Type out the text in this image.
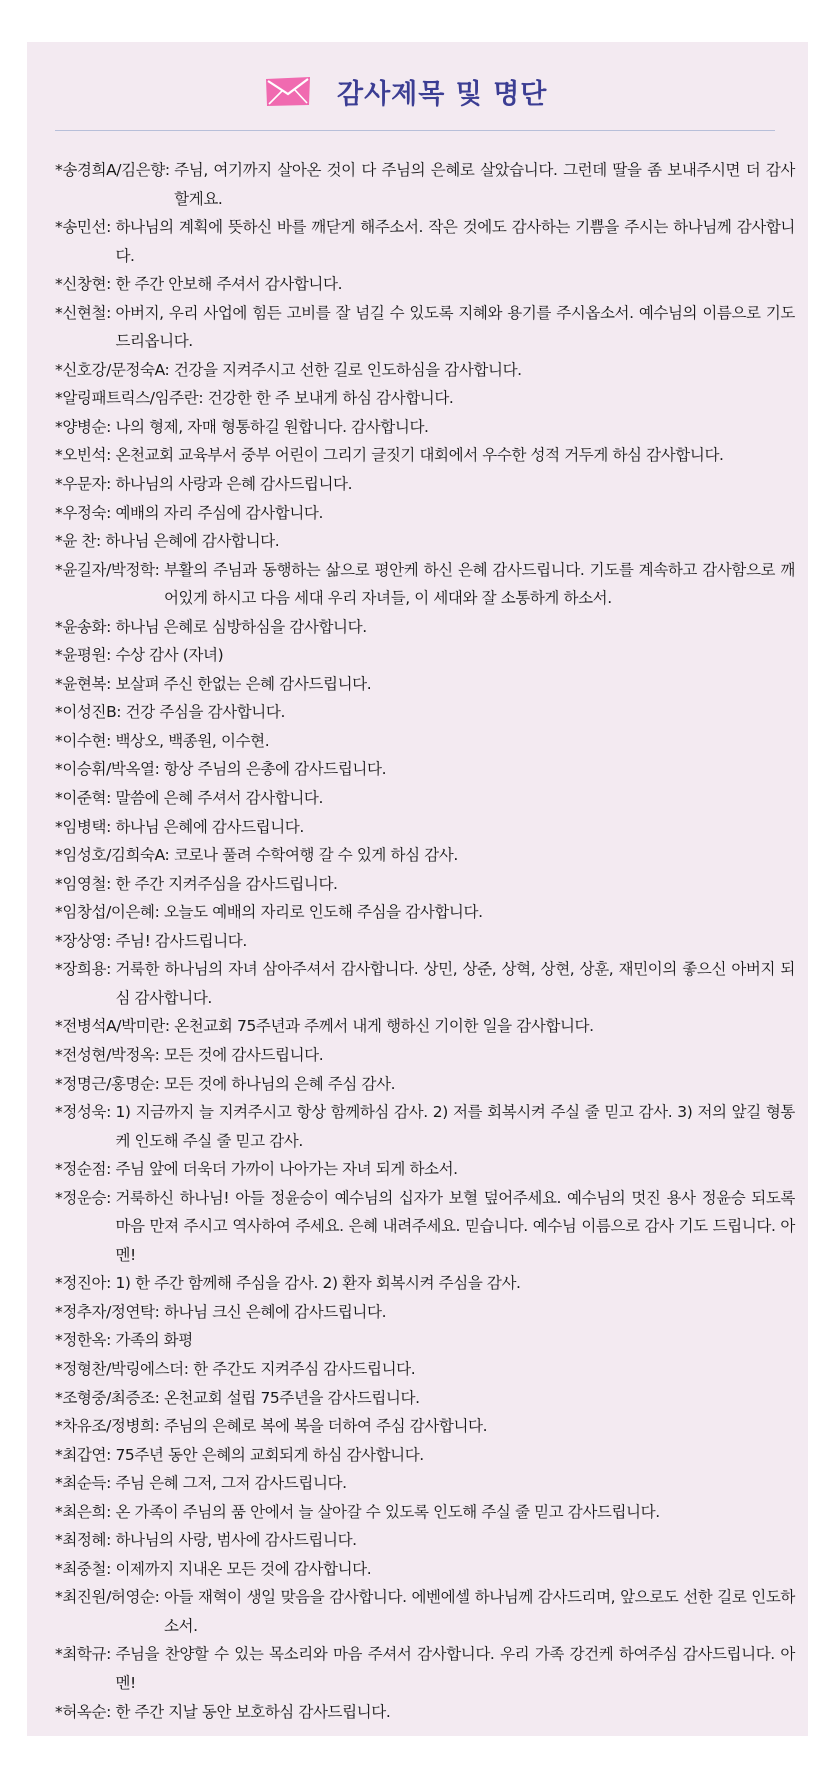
감사제목 및 명단
*송경희A/김은향:
주님, 여기까지 살아온 것이 다 주님의 은혜로 살았습니다. 그런데 딸을 좀 보내주시면 더 감사할게요.
*송민선:
하나님의 계획에 뜻하신 바를 깨닫게 해주소서. 작은 것에도 감사하는 기쁨을 주시는 하나님께 감사합니다.
*신창현:
한 주간 안보해 주셔서 감사합니다.
*신현철:
아버지, 우리 사업에 힘든 고비를 잘 넘길 수 있도록 지혜와 용기를 주시옵소서. 예수님의 이름으로 기도드리옵니다.
*신호강/문정숙A:
건강을 지켜주시고 선한 길로 인도하심을 감사합니다.
*알링패트릭스/임주란:
건강한 한 주 보내게 하심 감사합니다.
*양병순:
나의 형제, 자매 형통하길 원합니다. 감사합니다.
*오빈석:
온천교회 교육부서 중부 어린이 그리기 글짓기 대회에서 우수한 성적 거두게 하심 감사합니다.
*우문자:
하나님의 사랑과 은혜 감사드립니다.
*우정숙:
예배의 자리 주심에 감사합니다.
*윤 찬:
하나님 은혜에 감사합니다.
*윤길자/박정학:
부활의 주님과 동행하는 삶으로 평안케 하신 은혜 감사드립니다. 기도를 계속하고 감사함으로 깨어있게 하시고 다음 세대 우리 자녀들, 이 세대와 잘 소통하게 하소서.
*윤송화:
하나님 은혜로 심방하심을 감사합니다.
*윤평원:
수상 감사 (자녀)
*윤현복:
보살펴 주신 한없는 은혜 감사드립니다.
*이성진B:
건강 주심을 감사합니다.
*이수현:
백상오, 백종원, 이수현.
*이승휘/박옥열:
항상 주님의 은총에 감사드립니다.
*이준혁:
말씀에 은혜 주셔서 감사합니다.
*임병택:
하나님 은혜에 감사드립니다.
*임성호/김희숙A:
코로나 풀려 수학여행 갈 수 있게 하심 감사.
*임영철:
한 주간 지켜주심을 감사드립니다.
*임창섭/이은혜:
오늘도 예배의 자리로 인도해 주심을 감사합니다.
*장상영:
주님! 감사드립니다.
*장희용:
거룩한 하나님의 자녀 삼아주셔서 감사합니다. 상민, 상준, 상혁, 상현, 상훈, 재민이의 좋으신 아버지 되심 감사합니다.
*전병석A/박미란:
온천교회 75주년과 주께서 내게 행하신 기이한 일을 감사합니다.
*전성현/박정옥:
모든 것에 감사드립니다.
*정명근/홍명순:
모든 것에 하나님의 은혜 주심 감사.
*정성욱:
1) 지금까지 늘 지켜주시고 항상 함께하심 감사. 2) 저를 회복시켜 주실 줄 믿고 감사. 3) 저의 앞길 형통케 인도해 주실 줄 믿고 감사.
*정순점:
주님 앞에 더욱더 가까이 나아가는 자녀 되게 하소서.
*정운승:
거룩하신 하나님! 아들 정윤승이 예수님의 십자가 보혈 덮어주세요. 예수님의 멋진 용사 정윤승 되도록 마음 만져 주시고 역사하여 주세요. 은혜 내려주세요. 믿습니다. 예수님 이름으로 감사 기도 드립니다. 아멘!
*정진아:
1) 한 주간 함께해 주심을 감사. 2) 환자 회복시켜 주심을 감사.
*정추자/정연탁:
하나님 크신 은혜에 감사드립니다.
*정한옥:
가족의 화평
*정형찬/박링에스더:
한 주간도 지켜주심 감사드립니다.
*조형중/최증조:
온천교회 설립 75주년을 감사드립니다.
*차유조/정병희:
주님의 은혜로 복에 복을 더하여 주심 감사합니다.
*최갑연:
75주년 동안 은혜의 교회되게 하심 감사합니다.
*최순득:
주님 은혜 그저, 그저 감사드립니다.
*최은희:
온 가족이 주님의 품 안에서 늘 살아갈 수 있도록 인도해 주실 줄 믿고 감사드립니다.
*최정혜:
하나님의 사랑, 범사에 감사드립니다.
*최중철:
이제까지 지내온 모든 것에 감사합니다.
*최진원/허영순:
아들 재혁이 생일 맞음을 감사합니다. 에벤에셀 하나님께 감사드리며, 앞으로도 선한 길로 인도하소서.
*최학규:
주님을 찬양할 수 있는 목소리와 마음 주셔서 감사합니다. 우리 가족 강건케 하여주심 감사드립니다. 아멘!
*허옥순:
한 주간 지날 동안 보호하심 감사드립니다.
